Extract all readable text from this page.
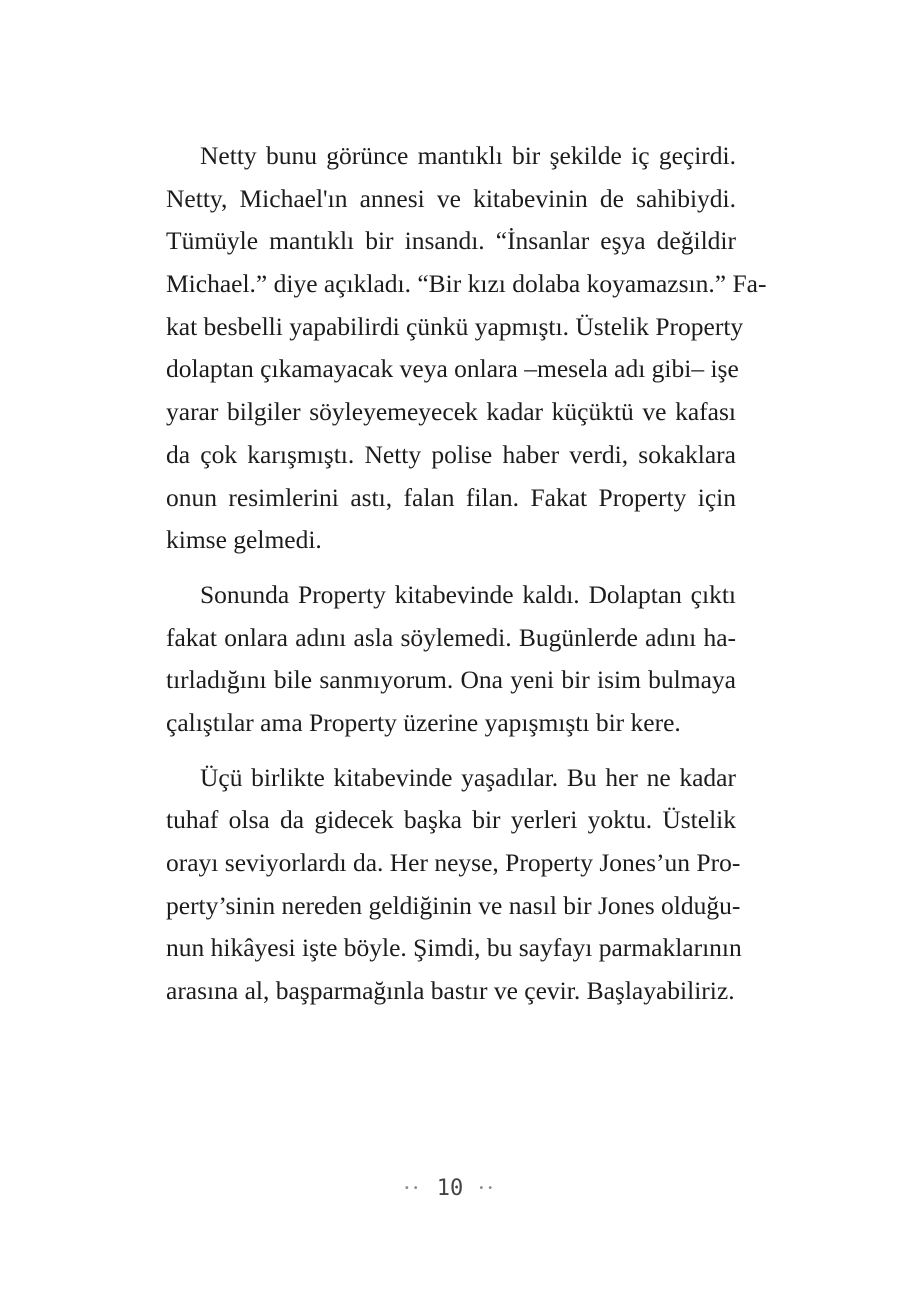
Netty bunu görünce mantıklı bir şekilde iç geçirdi.
Netty, Michael'ın annesi ve kitabevinin de sahibiydi.
Tümüyle mantıklı bir insandı. “İnsanlar eşya değildir
Michael.” diye açıkladı. “Bir kızı dolaba koyamazsın.” Fa-
kat besbelli yapabilirdi çünkü yapmıştı. Üstelik Property
dolaptan çıkamayacak veya onlara –mesela adı gibi– işe
yarar bilgiler söyleyemeyecek kadar küçüktü ve kafası
da çok karışmıştı. Netty polise haber verdi, sokaklara
onun resimlerini astı, falan filan. Fakat Property için
kimse gelmedi.

Sonunda Property kitabevinde kaldı. Dolaptan çıktı
fakat onlara adını asla söylemedi. Bugünlerde adını ha-
tırladığını bile sanmıyorum. Ona yeni bir isim bulmaya
çalıştılar ama Property üzerine yapışmıştı bir kere.

Üçü birlikte kitabevinde yaşadılar. Bu her ne kadar
tuhaf olsa da gidecek başka bir yerleri yoktu. Üstelik
orayı seviyorlardı da. Her neyse, Property Jones’un Pro-
perty’sinin nereden geldiğinin ve nasıl bir Jones olduğu-
nun hikâyesi işte böyle. Şimdi, bu sayfayı parmaklarının
arasına al, başparmağınla bastır ve çevir. Başlayabiliriz.

•• 10 ••
